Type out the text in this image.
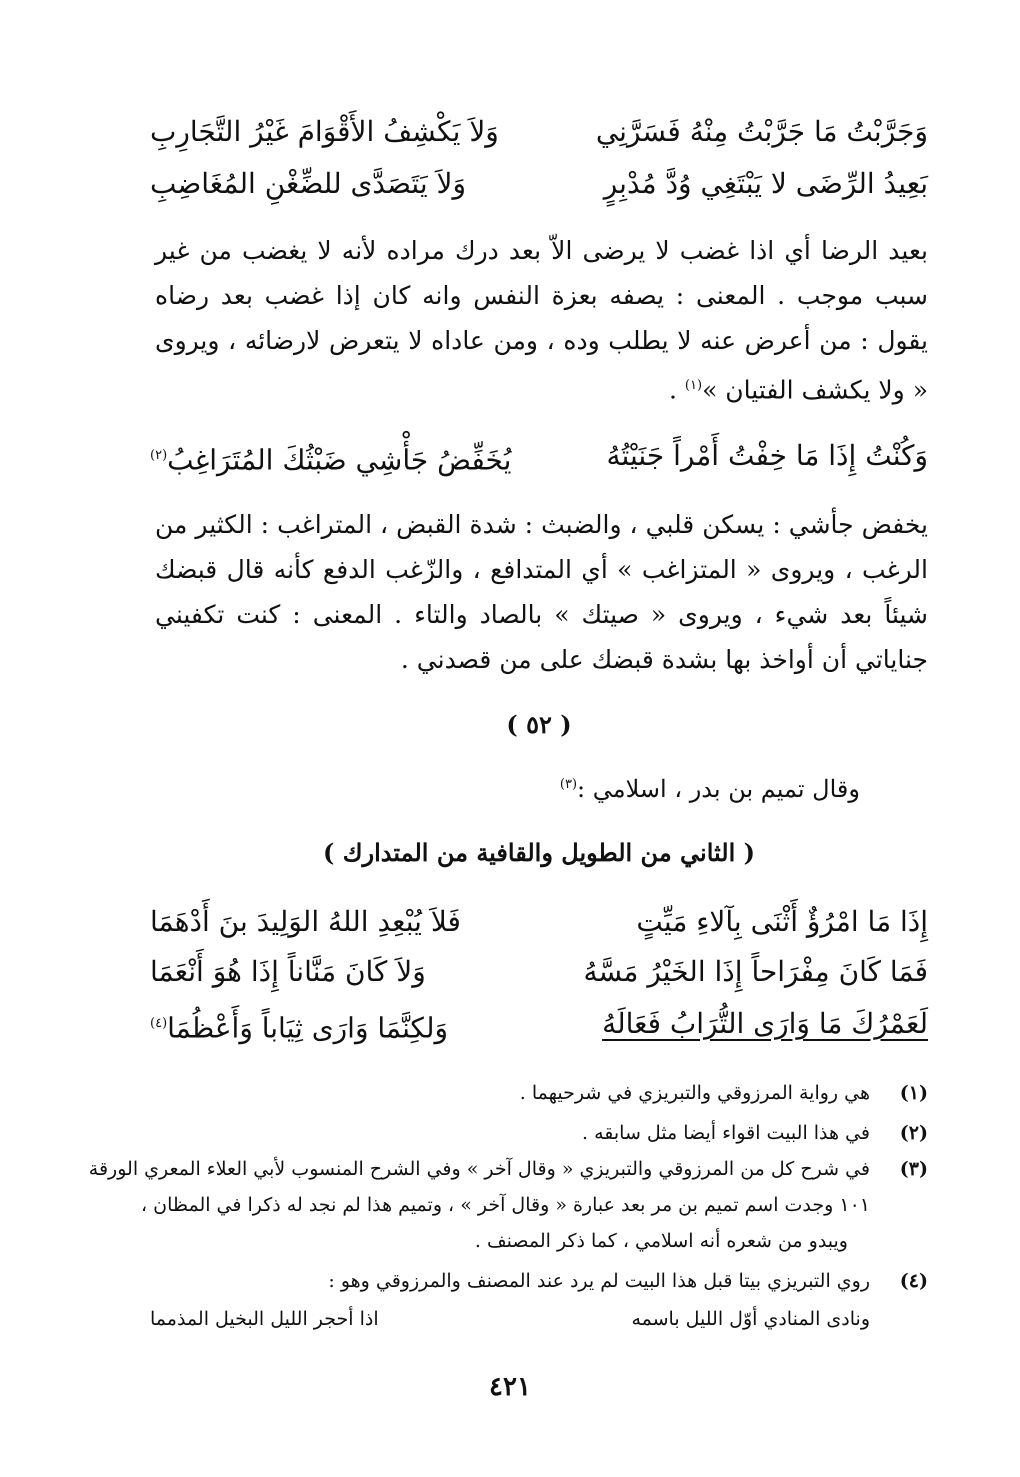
وَجَرَّبْتُ مَا جَرَّبْتُ مِنْهُ فَسَرَّنِي
وَلاَ يَكْشِفُ الأَقْوَامَ غَيْرُ التَّجَارِبِ
بَعِيدُ الرِّضَى لا يَبْتَغِي وُدَّ مُدْبِرٍ
وَلاَ يَتَصَدَّى للضِّغْنِ المُغَاضِبِ

بعيد الرضا أي اذا غضب لا يرضى الاّ بعد درك مراده لأنه لا يغضب من غير سبب موجب . المعنى : يصفه بعزة النفس وانه كان إذا غضب بعد رضاه يقول : من أعرض عنه لا يطلب وده ، ومن عاداه لا يتعرض لارضائه ، ويروى « ولا يكشف الفتيان »$^{(١)}$ .

وَكُنْتُ إِذَا مَا خِفْتُ أَمْراً جَنَيْتُهُ
يُخَفِّضُ جَأْشِي ضَبْثُكَ المُتَرَاغِبُ$^{(٢)}$

يخفض جأشي : يسكن قلبي ، والضبث : شدة القبض ، المتراغب : الكثير من الرغب ، ويروى « المتزاغب » أي المتدافع ، والزّغب الدفع كأنه قال قبضك شيئاً بعد شيء ، ويروى « صيتك » بالصاد والتاء . المعنى : كنت تكفيني جناياتي أن أواخذ بها بشدة قبضك على من قصدني .

( ٥٢ )
وقال تميم بن بدر ، اسلامي :$^{(٣)}$
( الثاني من الطويل والقافية من المتدارك )
إِذَا مَا امْرُؤٌ أَثْنَى بِآلاءِ مَيِّتٍ
فَلاَ يُبْعِدِ اللهُ الوَلِيدَ بنَ أَدْهَمَا
فَمَا كَانَ مِفْرَاحاً إِذَا الخَيْرُ مَسَّهُ
وَلاَ كَانَ مَنَّاناً إِذَا هُوَ أَنْعَمَا
لَعَمْرُكَ مَا وَارَى التُّرَابُ فَعَالَهُ
وَلكِنَّمَا وَارَى ثِيَاباً وَأَعْظُمَا$^{(٤)}$
(١)
هي رواية المرزوقي والتبريزي في شرحيهما .
(٢)
في هذا البيت اقواء أيضا مثل سابقه .
(٣)
في شرح كل من المرزوقي والتبريزي « وقال آخر » وفي الشرح المنسوب لأبي العلاء المعري الورقة
١٠١ وجدت اسم تميم بن مر بعد عبارة « وقال آخر » ، وتميم هذا لم نجد له ذكرا في المظان ،
ويبدو من شعره أنه اسلامي ، كما ذكر المصنف .
(٤)
روي التبريزي بيتا قبل هذا البيت لم يرد عند المصنف والمرزوقي وهو :
ونادى المنادي أوّل الليل باسمه
اذا أحجر الليل البخيل المذمما
٤٢١
